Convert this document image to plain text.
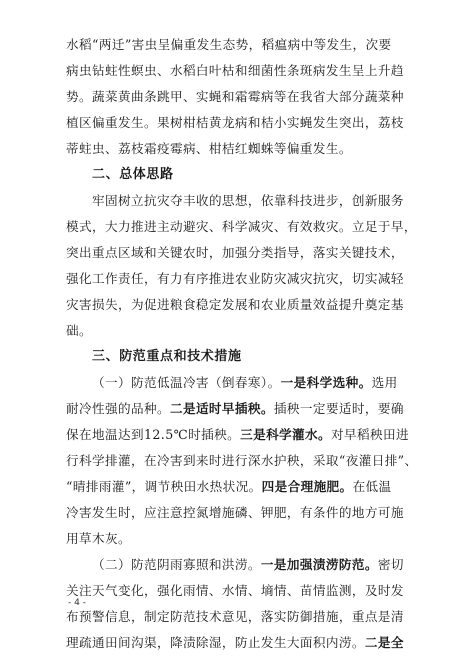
水稻“两迁”害虫呈偏重发生态势，稻瘟病中等发生，次要
病虫钻蛀性螟虫、水稻白叶枯和细菌性条斑病发生呈上升趋
势。蔬菜黄曲条跳甲、实蝇和霜霉病等在我省大部分蔬菜种
植区偏重发生。果树柑桔黄龙病和桔小实蝇发生突出，荔枝
蒂蛀虫、荔枝霜疫霉病、柑桔红蜘蛛等偏重发生。
二、总体思路
牢固树立抗灾夺丰收的思想，依靠科技进步，创新服务
模式，大力推进主动避灾、科学减灾、有效救灾。立足于早，
突出重点区域和关键农时，加强分类指导，落实关键技术，
强化工作责任，有力有序推进农业防灾减灾抗灾，切实减轻
灾害损失，为促进粮食稳定发展和农业质量效益提升奠定基
础。
三、防范重点和技术措施
（一）防范低温冷害（倒春寒）。一是科学选种。选用
耐冷性强的品种。二是适时早插秧。插秧一定要适时，要确
保在地温达到12.5℃时插秧。三是科学灌水。对早稻秧田进
行科学排灌，在冷害到来时进行深水护秧，采取“夜灌日排”、
“晴排雨灌”，调节秧田水热状况。四是合理施肥。在低温
冷害发生时，应注意控氮增施磷、钾肥，有条件的地方可施
用草木灰。
（二）防范阴雨寡照和洪涝。一是加强渍涝防范。密切
关注天气变化，强化雨情、水情、墒情、苗情监测，及时发
布预警信息，制定防范技术意见，落实防御措施，重点是清
理疏通田间沟渠，降渍除湿，防止发生大面积内涝。二是全
- 4 -
